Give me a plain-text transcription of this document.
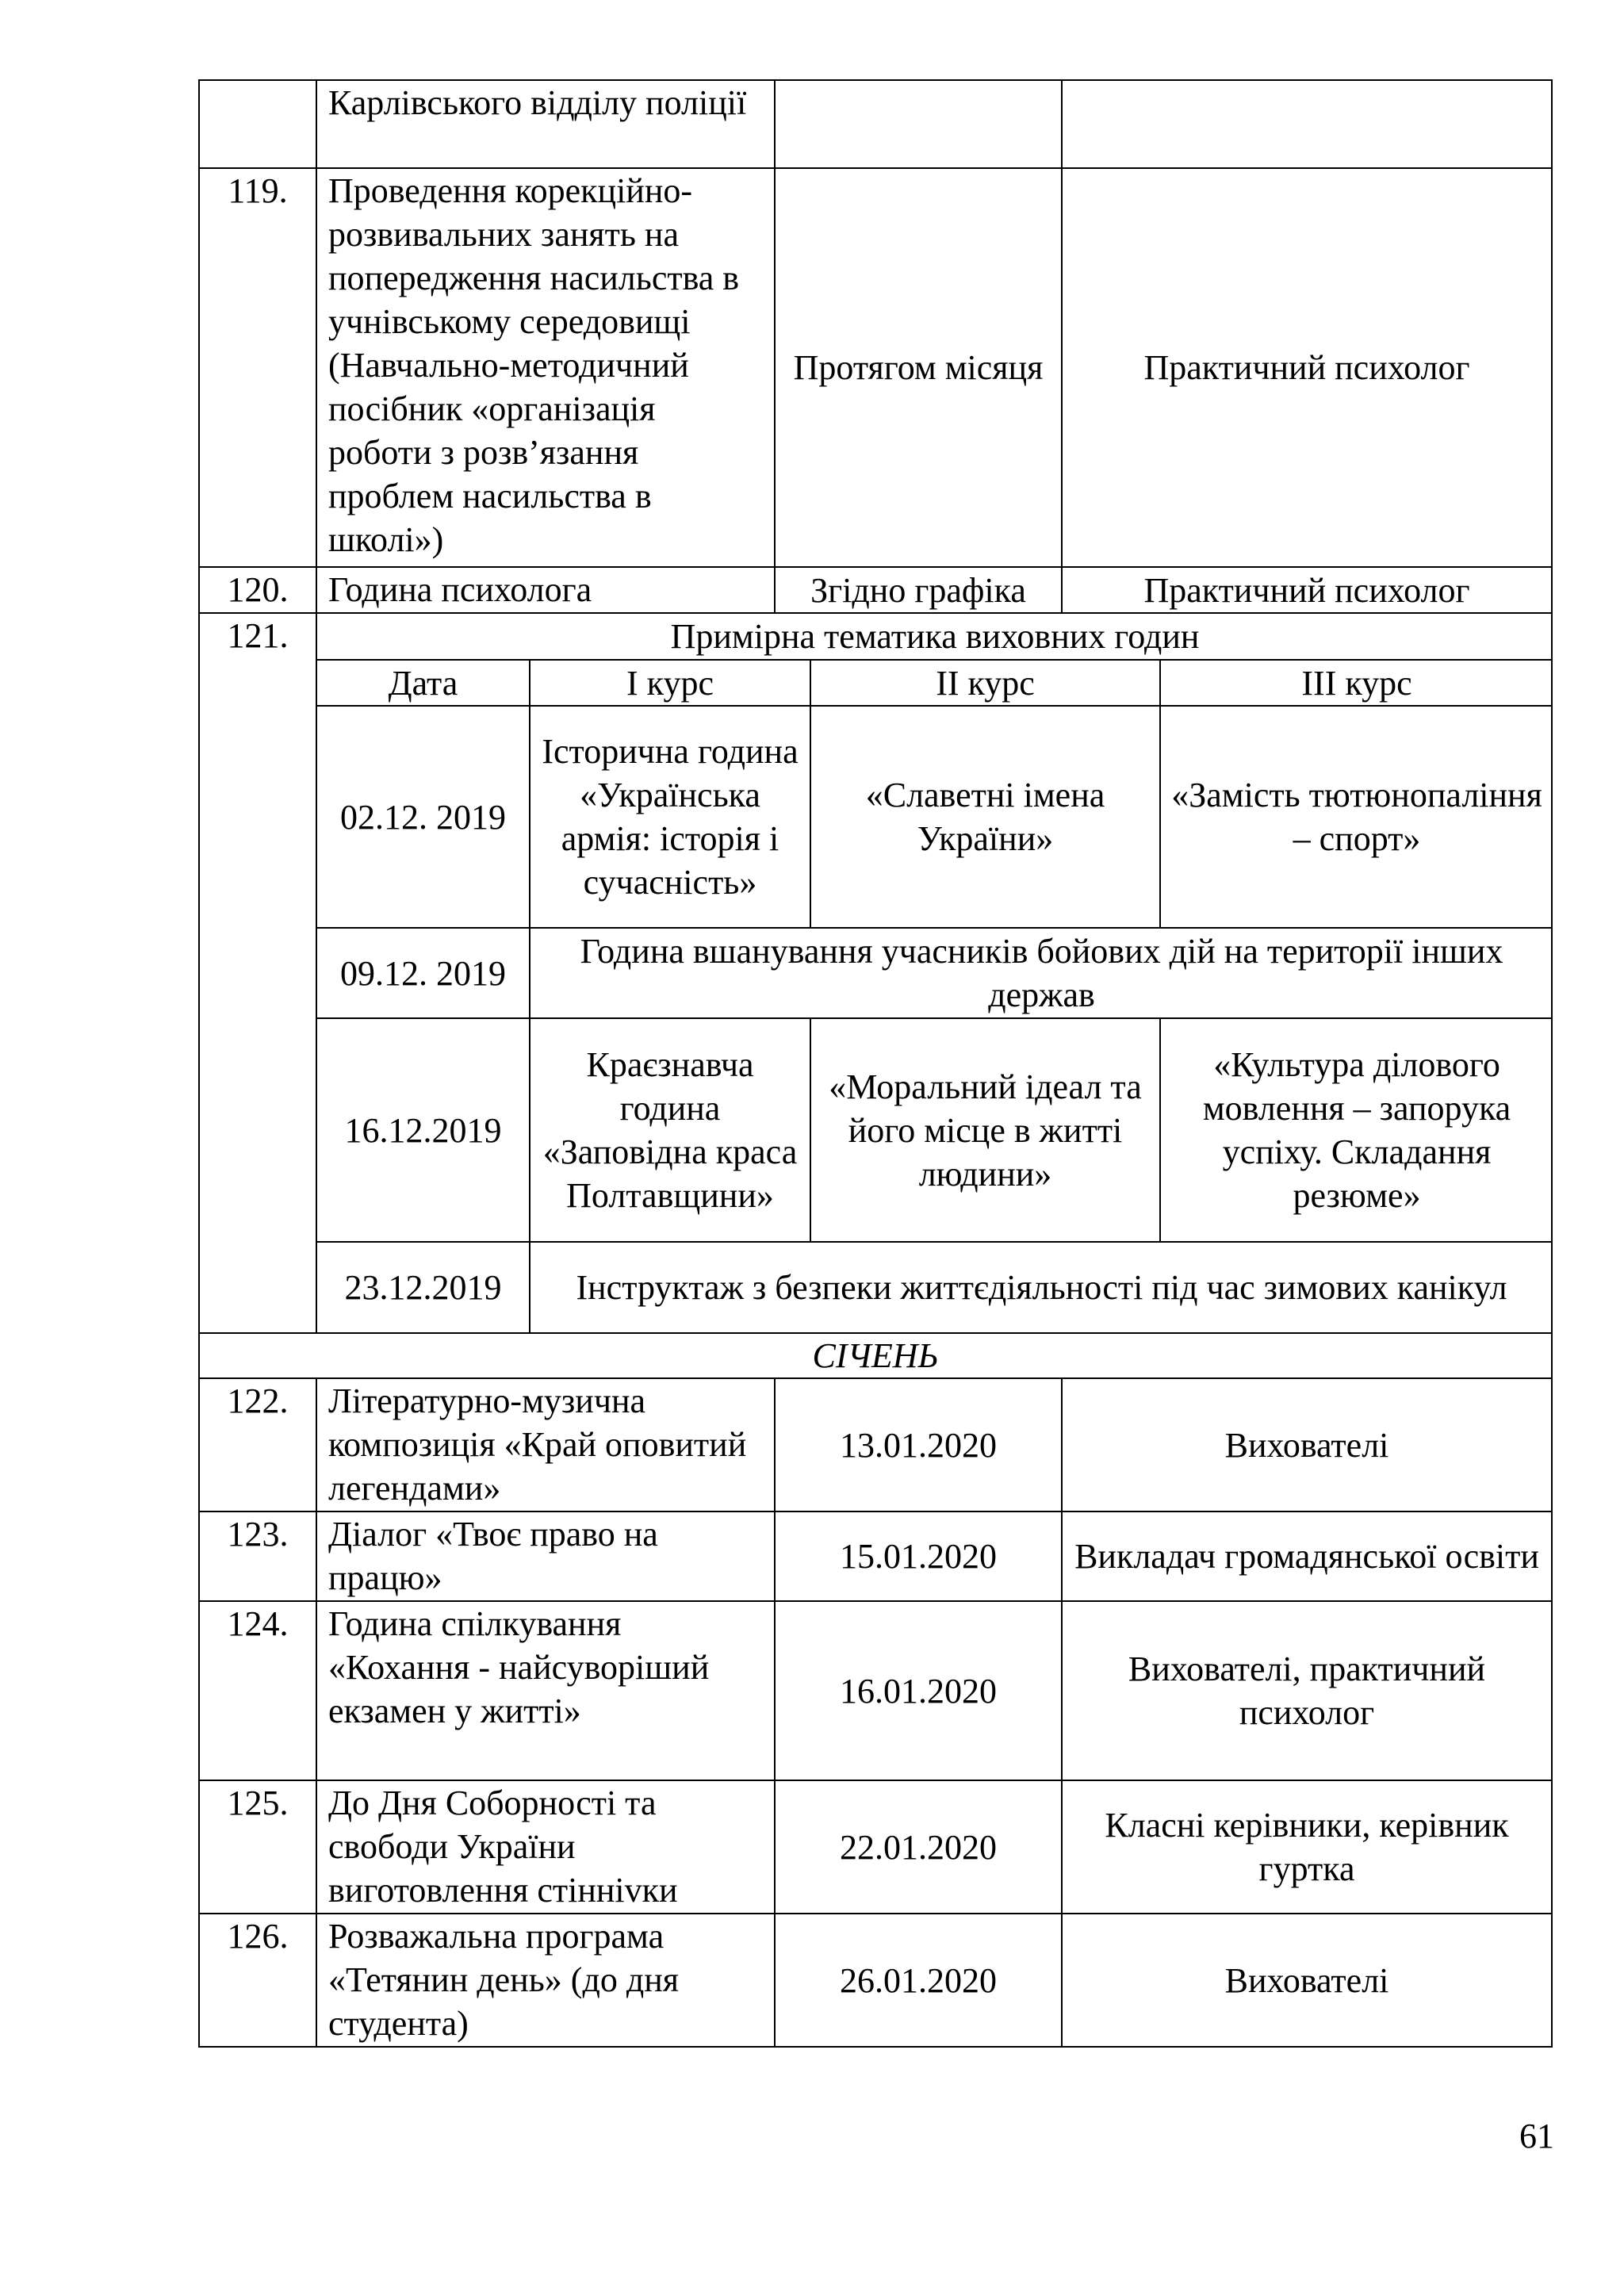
	Карлівського відділу поліції		
119.	Проведення корекційно-розвивальних занять на попередження насильства в учнівському середовищі (Навчально-методичний посібник «організація роботи з розв’язання проблем насильства в школі»)	Протягом місяця	Практичний психолог
120.	Година психолога	Згідно графіка	Практичний психолог
121.		Примірна тематика виховних годин
Дата	І курс	ІІ курс	ІІІ курс
02.12. 2019	Історична година «Українська армія: історія і сучасність»	«Славетні імена України»	«Замість тютюнопаління – спорт»
09.12. 2019	Година вшанування учасників бойових дій на території інших держав
16.12.2019	Краєзнавча година «Заповідна краса Полтавщини»	«Моральний ідеал та його місце в житті людини»	«Культура ділового мовлення – запорука успіху. Складання резюме»
23.12.2019	Інструктаж з безпеки життєдіяльності під час зимових канікул

СІЧЕНЬ
122.	Літературно-музична композиція «Край оповитий легендами»	13.01.2020	Вихователі
123.	Діалог «Твоє право на працю»	15.01.2020	Викладач громадянської освіти
124.	Година спілкування «Кохання - найсуворіший екзамен у житті»	16.01.2020	Вихователі, практичний психолог
125.	До Дня Соборності та свободи України виготовлення стінніvки	22.01.2020	Класні керівники, керівник гуртка
126.	Розважальна програма «Тетянин день» (до дня студента)	26.01.2020	Вихователі
61
